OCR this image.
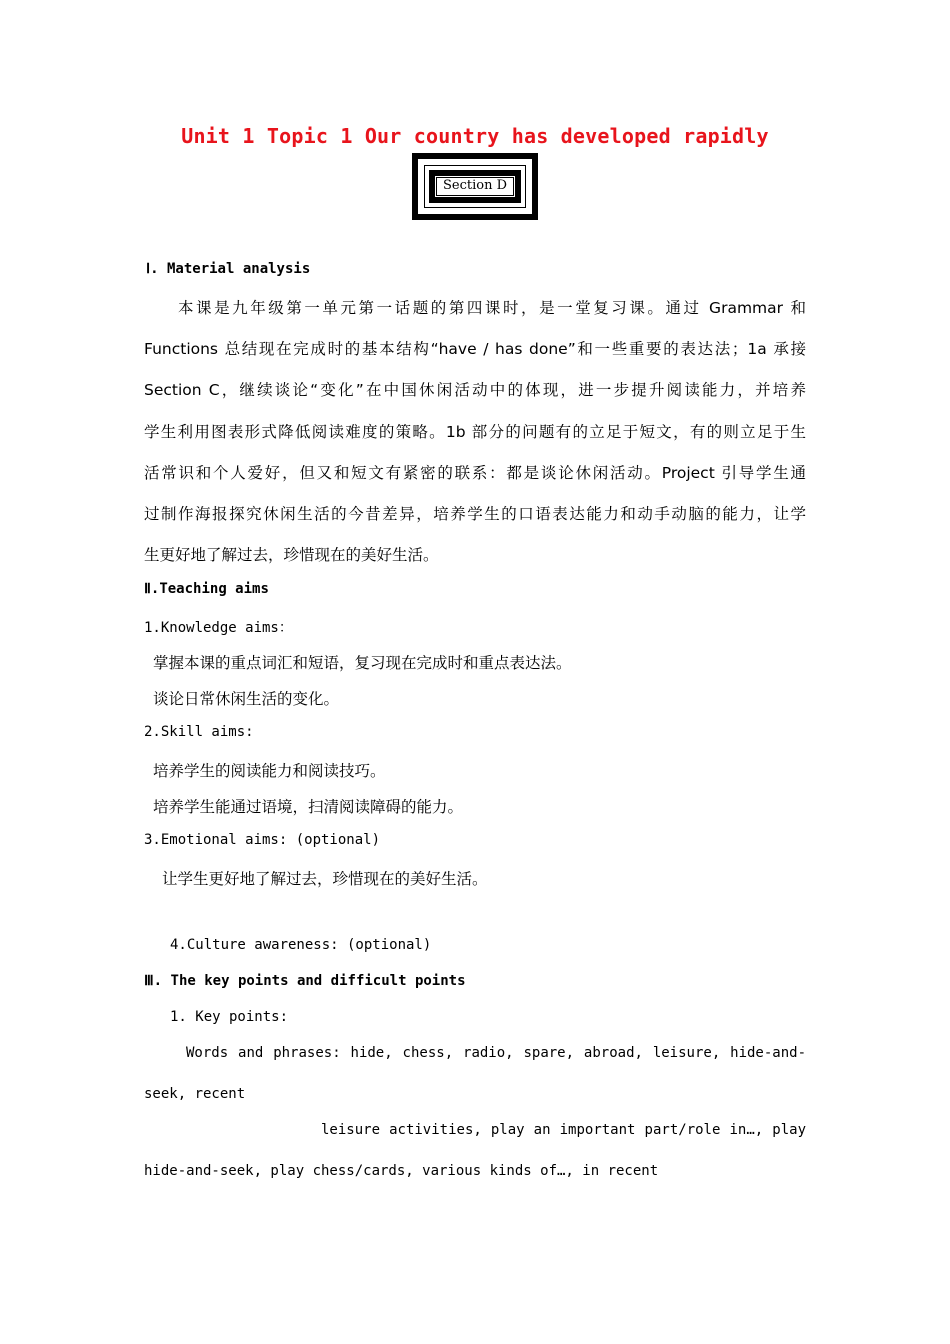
Unit 1 Topic 1 Our country has developed rapidly
Section D
Ⅰ. Material analysis
本课是九年级第一单元第一话题的第四课时，是一堂复习课。通过 Grammar 和
Functions 总结现在完成时的基本结构“have / has done”和一些重要的表达法；1a 承接
Section C，继续谈论“变化”在中国休闲活动中的体现，进一步提升阅读能力，并培养
学生利用图表形式降低阅读难度的策略。1b 部分的问题有的立足于短文，有的则立足于生
活常识和个人爱好，但又和短文有紧密的联系：都是谈论休闲活动。Project 引导学生通
过制作海报探究休闲生活的今昔差异，培养学生的口语表达能力和动手动脑的能力，让学
生更好地了解过去，珍惜现在的美好生活。
Ⅱ.Teaching aims
1.Knowledge aims：
掌握本课的重点词汇和短语，复习现在完成时和重点表达法。
谈论日常休闲生活的变化。
2.Skill aims:
培养学生的阅读能力和阅读技巧。
培养学生能通过语境，扫清阅读障碍的能力。
3.Emotional aims: (optional)
让学生更好地了解过去，珍惜现在的美好生活。
4.Culture awareness: (optional)
Ⅲ. The key points and difficult points
1. Key points:
Words and phrases: hide, chess, radio, spare, abroad, leisure, hide-and-
seek, recent
leisure activities, play an important part/role in…, play
hide-and-seek, play chess/cards, various kinds of…, in recent
